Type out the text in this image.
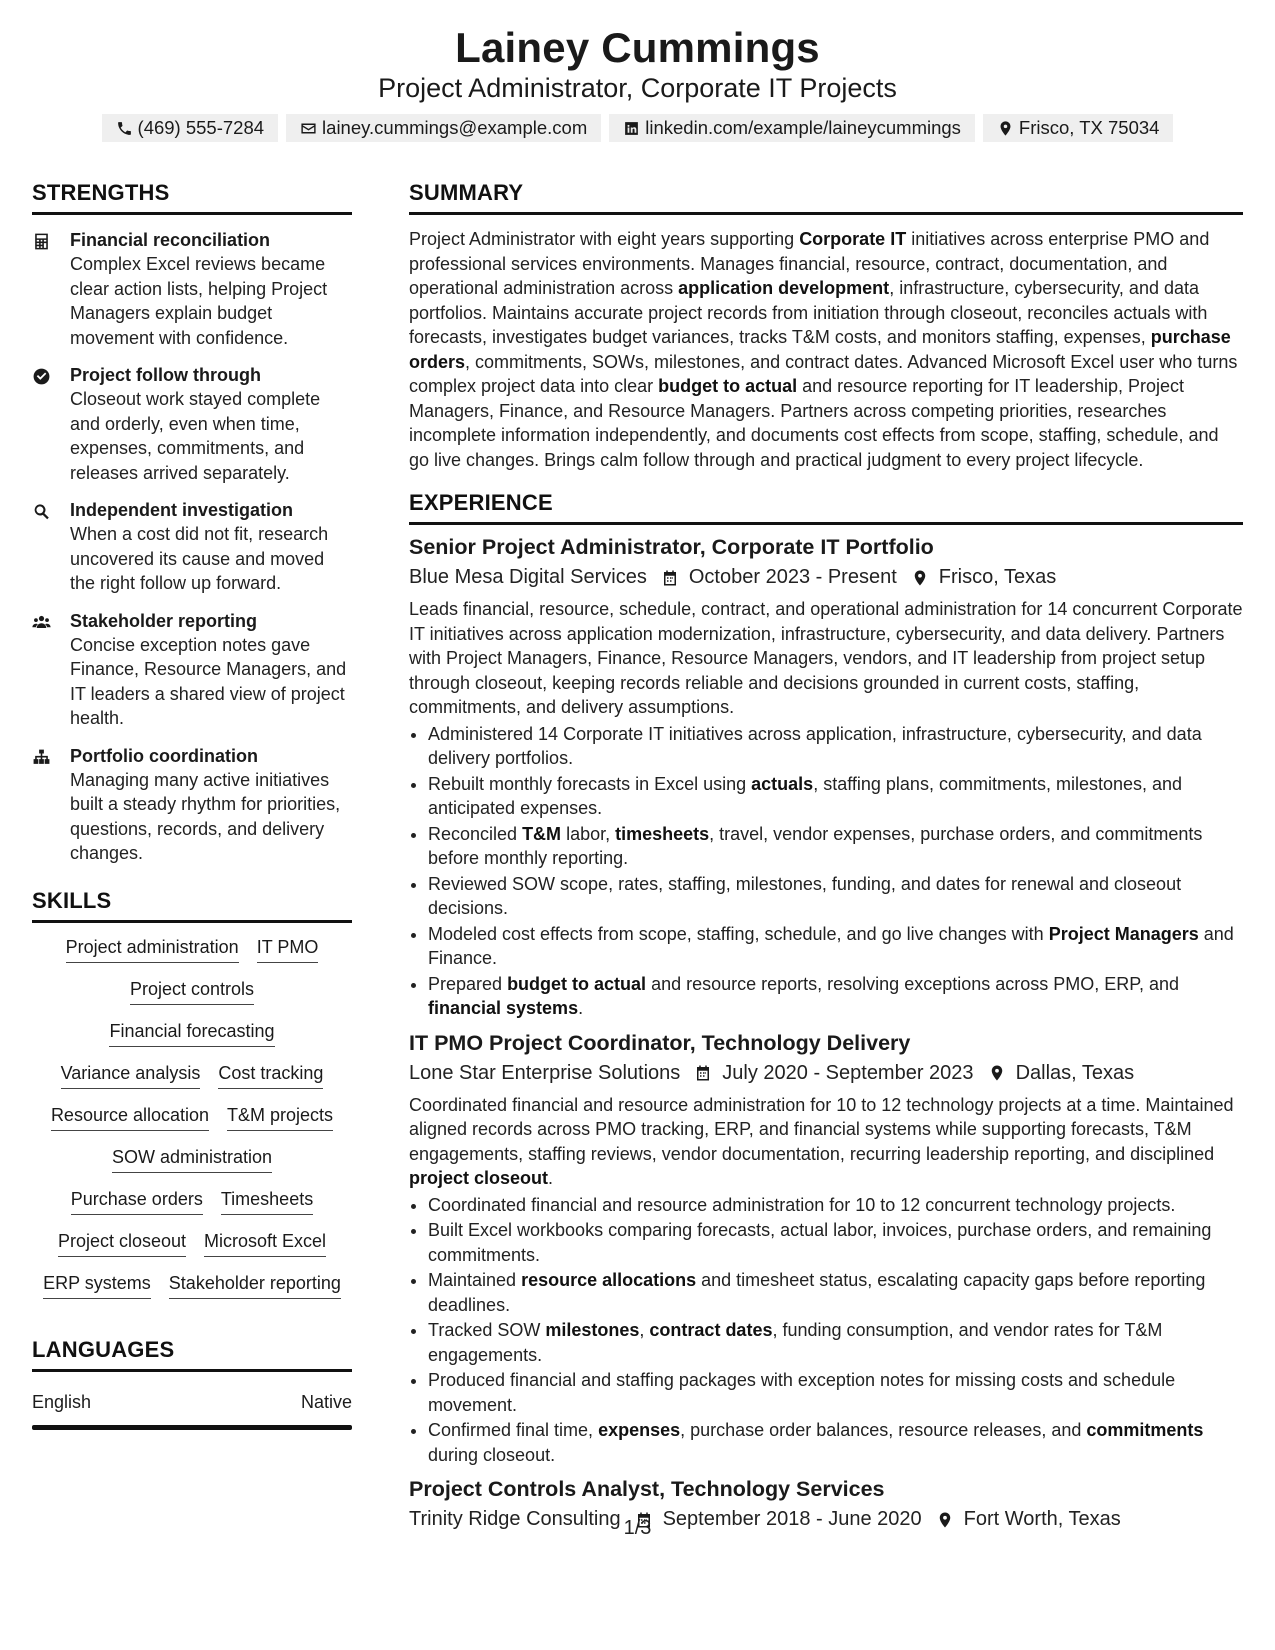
Lainey Cummings
Project Administrator, Corporate IT Projects
(469) 555-7284	lainey.cummings@example.com	linkedin.com/example/laineycummings	Frisco, TX 75034
STRENGTHS
Financial reconciliation
Complex Excel reviews became clear action lists, helping Project Managers explain budget movement with confidence.
Project follow through
Closeout work stayed complete and orderly, even when time, expenses, commitments, and releases arrived separately.
Independent investigation
When a cost did not fit, research uncovered its cause and moved the right follow up forward.
Stakeholder reporting
Concise exception notes gave Finance, Resource Managers, and IT leaders a shared view of project health.
Portfolio coordination
Managing many active initiatives built a steady rhythm for priorities, questions, records, and delivery changes.
SKILLS
Project administration IT PMO
Project controls
Financial forecasting
Variance analysis Cost tracking
Resource allocation T&M projects
SOW administration
Purchase orders Timesheets
Project closeout Microsoft Excel
ERP systems Stakeholder reporting
LANGUAGES
English	Native
SUMMARY
Project Administrator with eight years supporting Corporate IT initiatives across enterprise PMO and professional services environments. Manages financial, resource, contract, documentation, and operational administration across application development, infrastructure, cybersecurity, and data portfolios. Maintains accurate project records from initiation through closeout, reconciles actuals with forecasts, investigates budget variances, tracks T&M costs, and monitors staffing, expenses, purchase orders, commitments, SOWs, milestones, and contract dates. Advanced Microsoft Excel user who turns complex project data into clear budget to actual and resource reporting for IT leadership, Project Managers, Finance, and Resource Managers. Partners across competing priorities, researches incomplete information independently, and documents cost effects from scope, staffing, schedule, and go live changes. Brings calm follow through and practical judgment to every project lifecycle.
EXPERIENCE
Senior Project Administrator, Corporate IT Portfolio
Blue Mesa Digital Services October 2023 - Present Frisco, Texas
Leads financial, resource, schedule, contract, and operational administration for 14 concurrent Corporate IT initiatives across application modernization, infrastructure, cybersecurity, and data delivery. Partners with Project Managers, Finance, Resource Managers, vendors, and IT leadership from project setup through closeout, keeping records reliable and decisions grounded in current costs, staffing, commitments, and delivery assumptions.
• Administered 14 Corporate IT initiatives across application, infrastructure, cybersecurity, and data delivery portfolios.
• Rebuilt monthly forecasts in Excel using actuals, staffing plans, commitments, milestones, and anticipated expenses.
• Reconciled T&M labor, timesheets, travel, vendor expenses, purchase orders, and commitments before monthly reporting.
• Reviewed SOW scope, rates, staffing, milestones, funding, and dates for renewal and closeout decisions.
• Modeled cost effects from scope, staffing, schedule, and go live changes with Project Managers and Finance.
• Prepared budget to actual and resource reports, resolving exceptions across PMO, ERP, and financial systems.
IT PMO Project Coordinator, Technology Delivery
Lone Star Enterprise Solutions July 2020 - September 2023 Dallas, Texas
Coordinated financial and resource administration for 10 to 12 technology projects at a time. Maintained aligned records across PMO tracking, ERP, and financial systems while supporting forecasts, T&M engagements, staffing reviews, vendor documentation, recurring leadership reporting, and disciplined project closeout.
• Coordinated financial and resource administration for 10 to 12 concurrent technology projects.
• Built Excel workbooks comparing forecasts, actual labor, invoices, purchase orders, and remaining commitments.
• Maintained resource allocations and timesheet status, escalating capacity gaps before reporting deadlines.
• Tracked SOW milestones, contract dates, funding consumption, and vendor rates for T&M engagements.
• Produced financial and staffing packages with exception notes for missing costs and schedule movement.
• Confirmed final time, expenses, purchase order balances, resource releases, and commitments during closeout.
Project Controls Analyst, Technology Services
Trinity Ridge Consulting September 2018 - June 2020 Fort Worth, Texas
1/3
